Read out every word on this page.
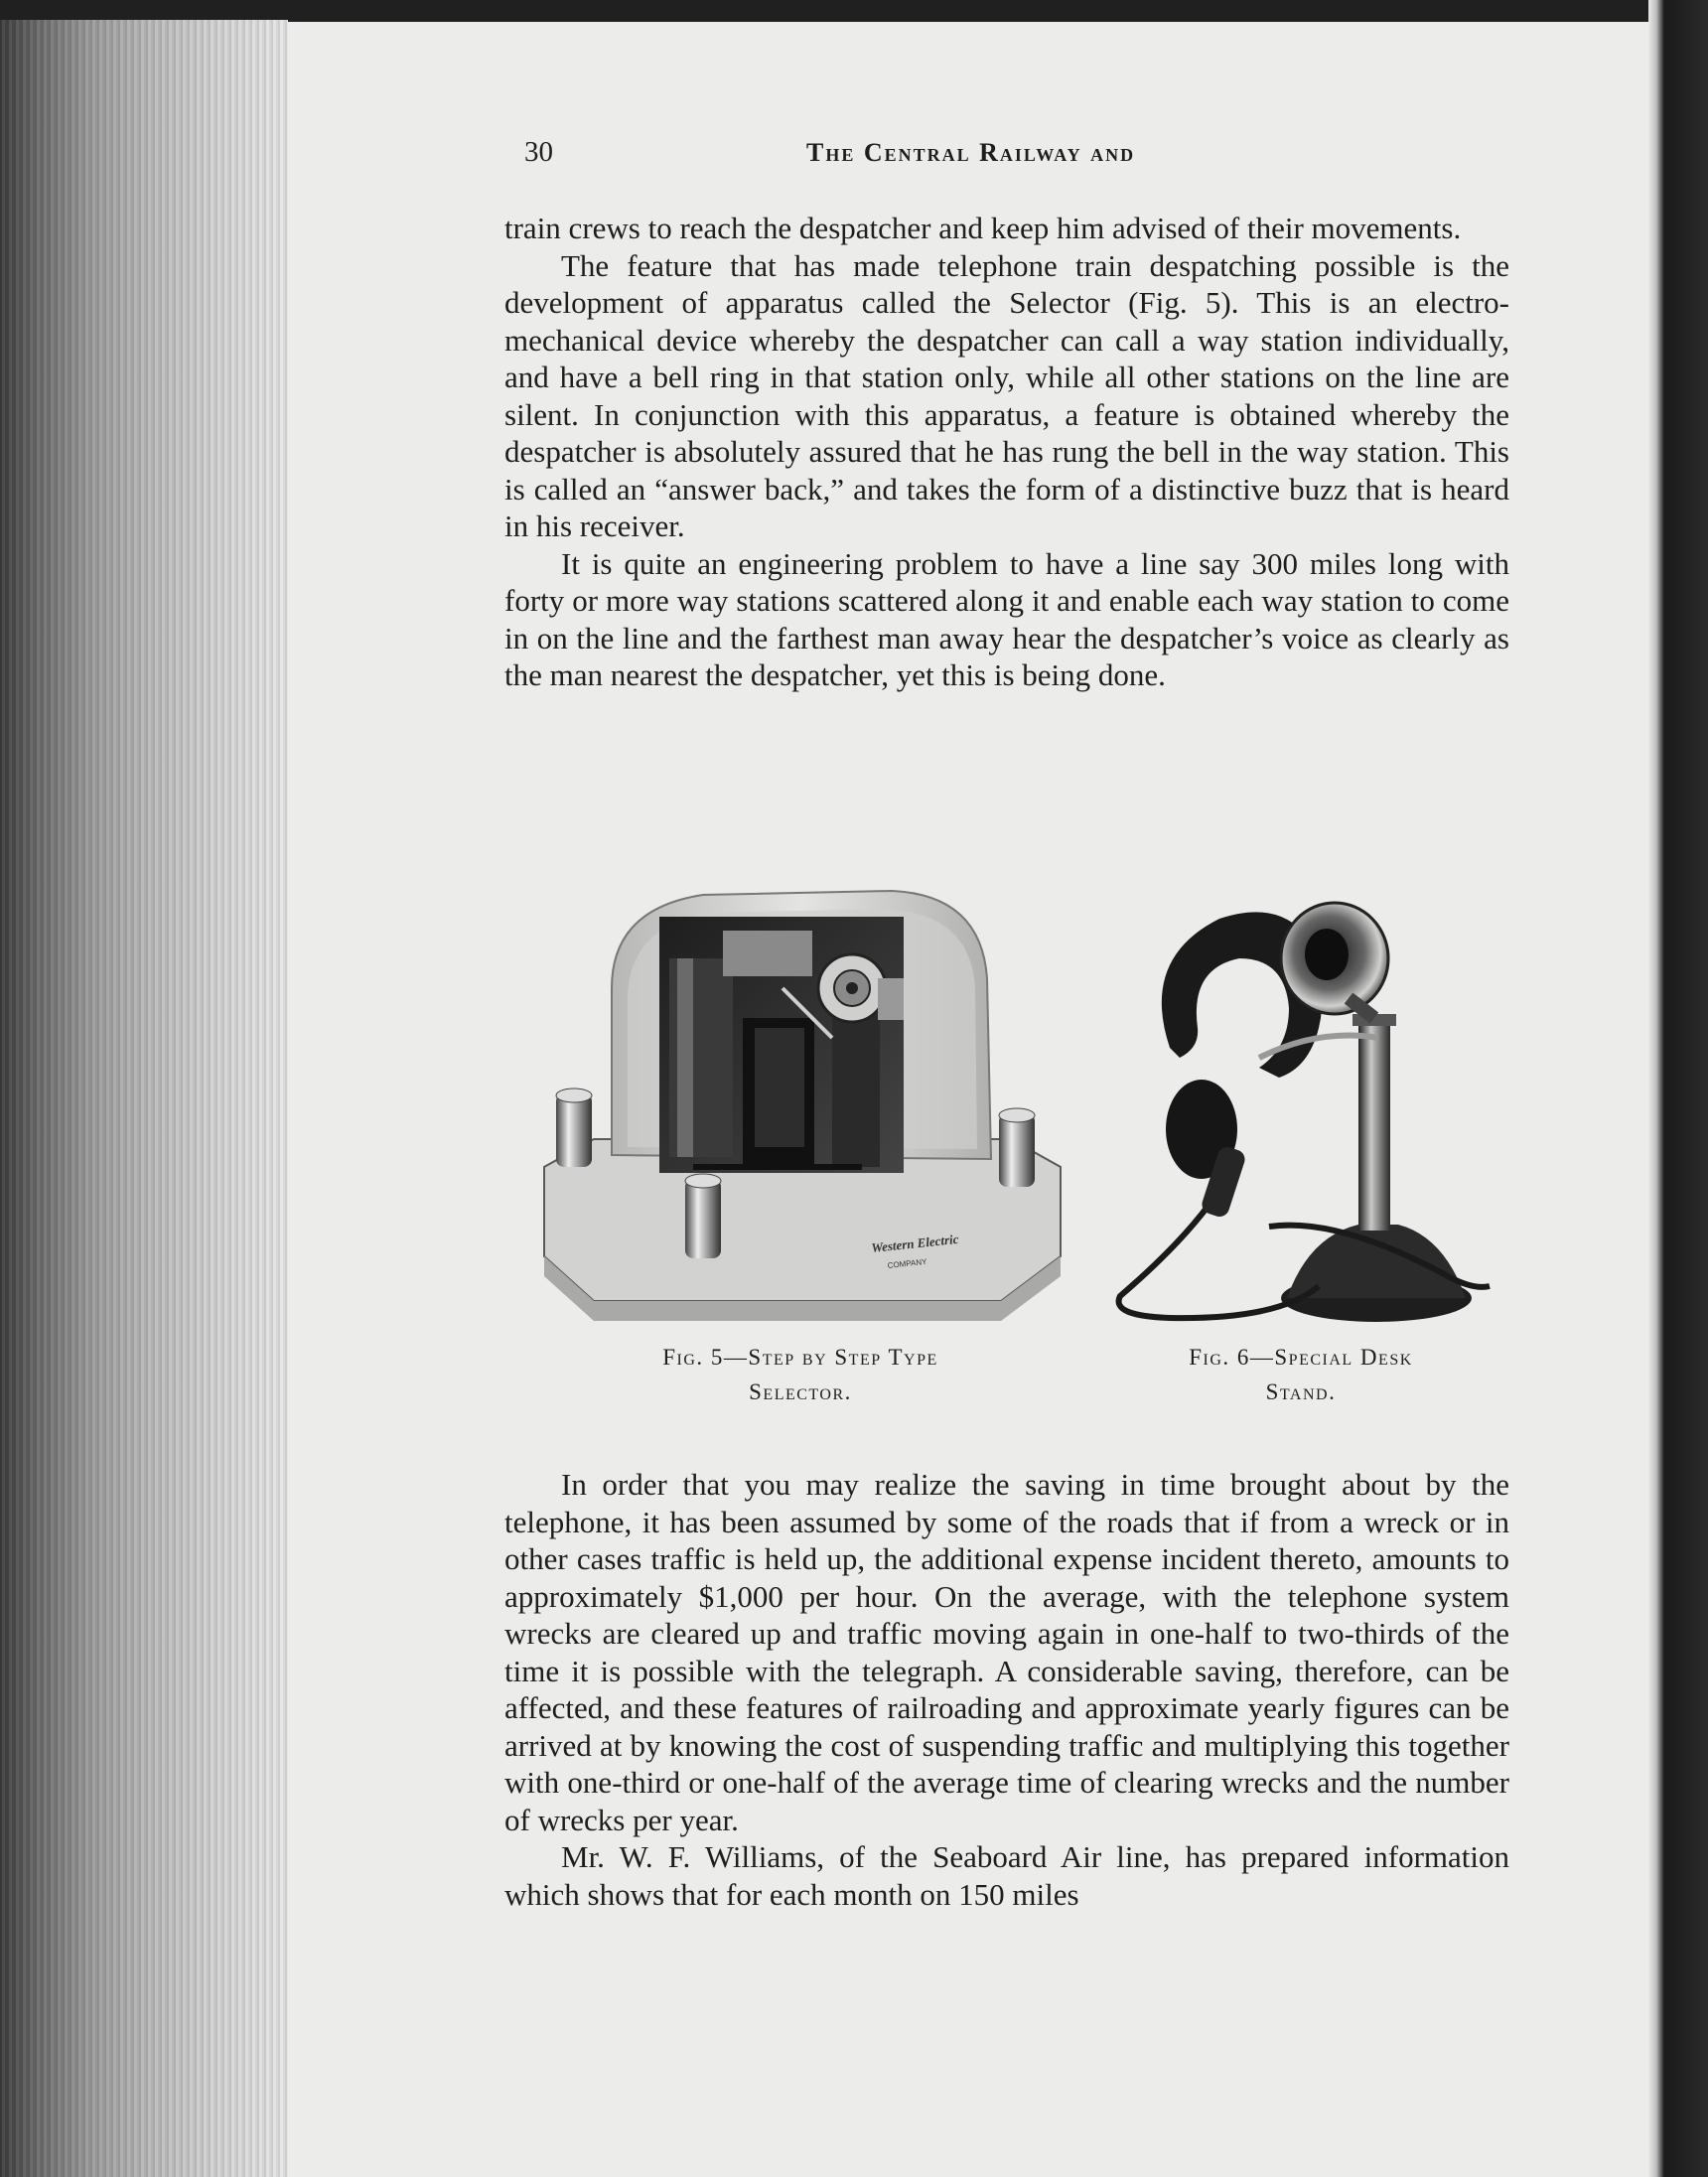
30	The Central Railway and

train crews to reach the despatcher and keep him advised of their movements.

The feature that has made telephone train despatching possible is the development of apparatus called the Selector (Fig. 5). This is an electro-mechanical device whereby the despatcher can call a way station individually, and have a bell ring in that station only, while all other stations on the line are silent. In conjunction with this apparatus, a feature is obtained whereby the despatcher is absolutely assured that he has rung the bell in the way station. This is called an “answer back,” and takes the form of a distinctive buzz that is heard in his receiver.

It is quite an engineering problem to have a line say 300 miles long with forty or more way stations scattered along it and enable each way station to come in on the line and the farthest man away hear the despatcher’s voice as clearly as the man nearest the despatcher, yet this is being done.

Western Electric
COMPANY
Fig. 5—Step by Step Type
Selector.
Fig. 6—Special Desk
Stand.

In order that you may realize the saving in time brought about by the telephone, it has been assumed by some of the roads that if from a wreck or in other cases traffic is held up, the additional expense incident thereto, amounts to approximately $1,000 per hour. On the average, with the telephone system wrecks are cleared up and traffic moving again in one-half to two-thirds of the time it is possible with the telegraph. A considerable saving, therefore, can be affected, and these features of railroading and approximate yearly figures can be arrived at by knowing the cost of suspending traffic and multiplying this together with one-third or one-half of the average time of clearing wrecks and the number of wrecks per year.

Mr. W. F. Williams, of the Seaboard Air line, has prepared information which shows that for each month on 150 miles
